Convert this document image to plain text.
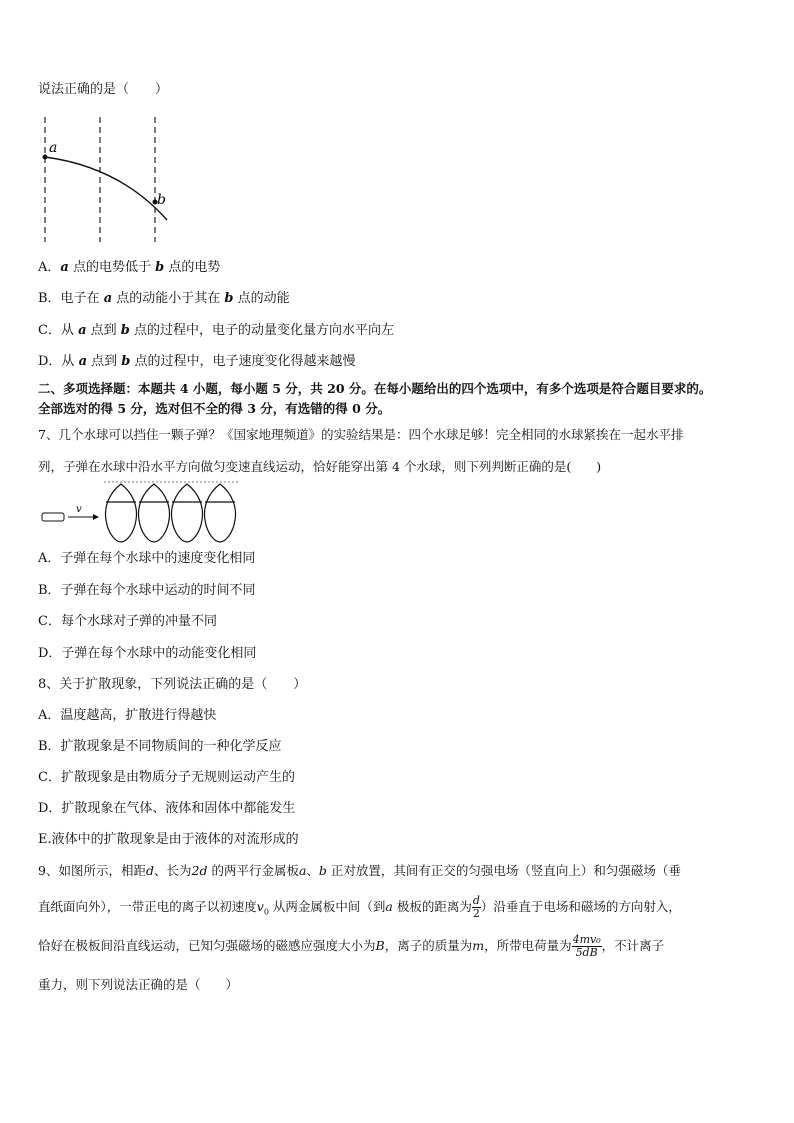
说法正确的是（　　）
a
b
A．a 点的电势低于 b 点的电势
B．电子在 a 点的动能小于其在 b 点的动能
C．从 a 点到 b 点的过程中，电子的动量变化量方向水平向左
D．从 a 点到 b 点的过程中，电子速度变化得越来越慢
二、多项选择题：本题共 4 小题，每小题 5 分，共 20 分。在每小题给出的四个选项中，有多个选项是符合题目要求的。
全部选对的得 5 分，选对但不全的得 3 分，有选错的得 0 分。
7、几个水球可以挡住一颗子弹？《国家地理频道》的实验结果是：四个水球足够！完全相同的水球紧挨在一起水平排
列，子弹在水球中沿水平方向做匀变速直线运动，恰好能穿出第 4 个水球，则下列判断正确的是(　　)
v
A．子弹在每个水球中的速度变化相同
B．子弹在每个水球中运动的时间不同
C．每个水球对子弹的冲量不同
D．子弹在每个水球中的动能变化相同
8、关于扩散现象，下列说法正确的是（　　）
A．温度越高，扩散进行得越快
B．扩散现象是不同物质间的一种化学反应
C．扩散现象是由物质分子无规则运动产生的
D．扩散现象在气体、液体和固体中都能发生
E.液体中的扩散现象是由于液体的对流形成的
9、如图所示，相距d、长为2d 的两平行金属板a、b 正对放置，其间有正交的匀强电场（竖直向上）和匀强磁场（垂
直纸面向外），一带正电的离子以初速度$v_0$ 从两金属板中间（到a 极板的距离为 $\frac{d}{2}$ ）沿垂直于电场和磁场的方向射入，
恰好在极板间沿直线运动，已知匀强磁场的磁感应强度大小为B，离子的质量为m，所带电荷量为 $\frac{\text{4mv₀}}{5dB}$ ，不计离子
重力，则下列说法正确的是（　　）
